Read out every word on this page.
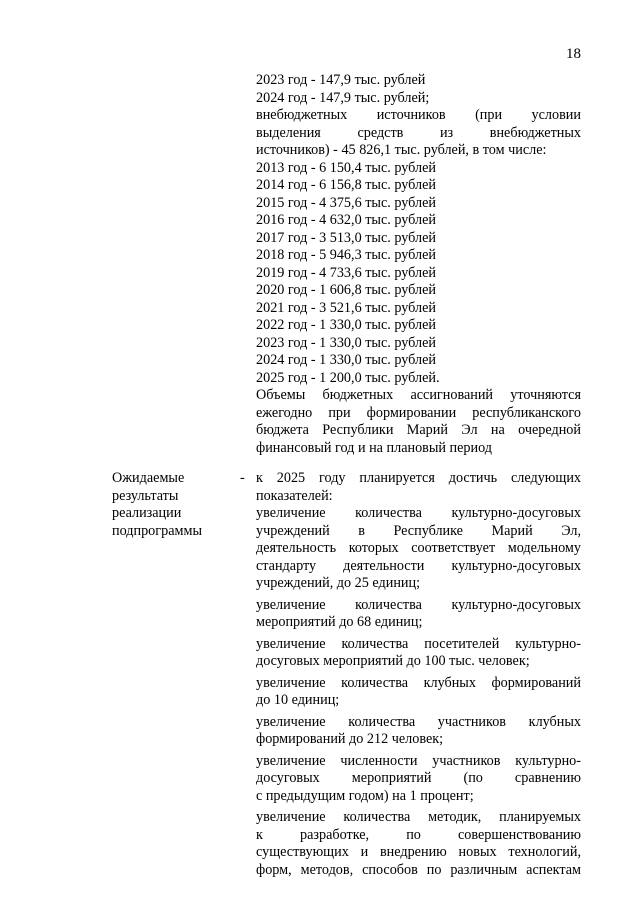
18
2023 год - 147,9 тыс. рублей
2024 год - 147,9 тыс. рублей;
внебюджетных источников (при условии
выделения средств из внебюджетных
источников) - 45 826,1 тыс. рублей, в том числе:
2013 год - 6 150,4 тыс. рублей
2014 год - 6 156,8 тыс. рублей
2015 год - 4 375,6 тыс. рублей
2016 год - 4 632,0 тыс. рублей
2017 год - 3 513,0 тыс. рублей
2018 год - 5 946,3 тыс. рублей
2019 год - 4 733,6 тыс. рублей
2020 год - 1 606,8 тыс. рублей
2021 год - 3 521,6 тыс. рублей
2022 год - 1 330,0 тыс. рублей
2023 год - 1 330,0 тыс. рублей
2024 год - 1 330,0 тыс. рублей
2025 год - 1 200,0 тыс. рублей.
Объемы бюджетных ассигнований уточняются
ежегодно при формировании республиканского
бюджета Республики Марий Эл на очередной
финансовый год и на плановый период
Ожидаемые
результаты
реализации
подпрограммы
- к 2025 году планируется достичь следующих
показателей:
увеличение количества культурно-досуговых
учреждений в Республике Марий Эл,
деятельность которых соответствует модельному
стандарту деятельности культурно-досуговых
учреждений, до 25 единиц;
увеличение количества культурно-досуговых
мероприятий до 68 единиц;
увеличение количества посетителей культурно-
досуговых мероприятий до 100 тыс. человек;
увеличение количества клубных формирований
до 10 единиц;
увеличение количества участников клубных
формирований до 212 человек;
увеличение численности участников культурно-
досуговых мероприятий (по сравнению
с предыдущим годом) на 1 процент;
увеличение количества методик, планируемых
к разработке, по совершенствованию
существующих и внедрению новых технологий,
форм, методов, способов по различным аспектам
